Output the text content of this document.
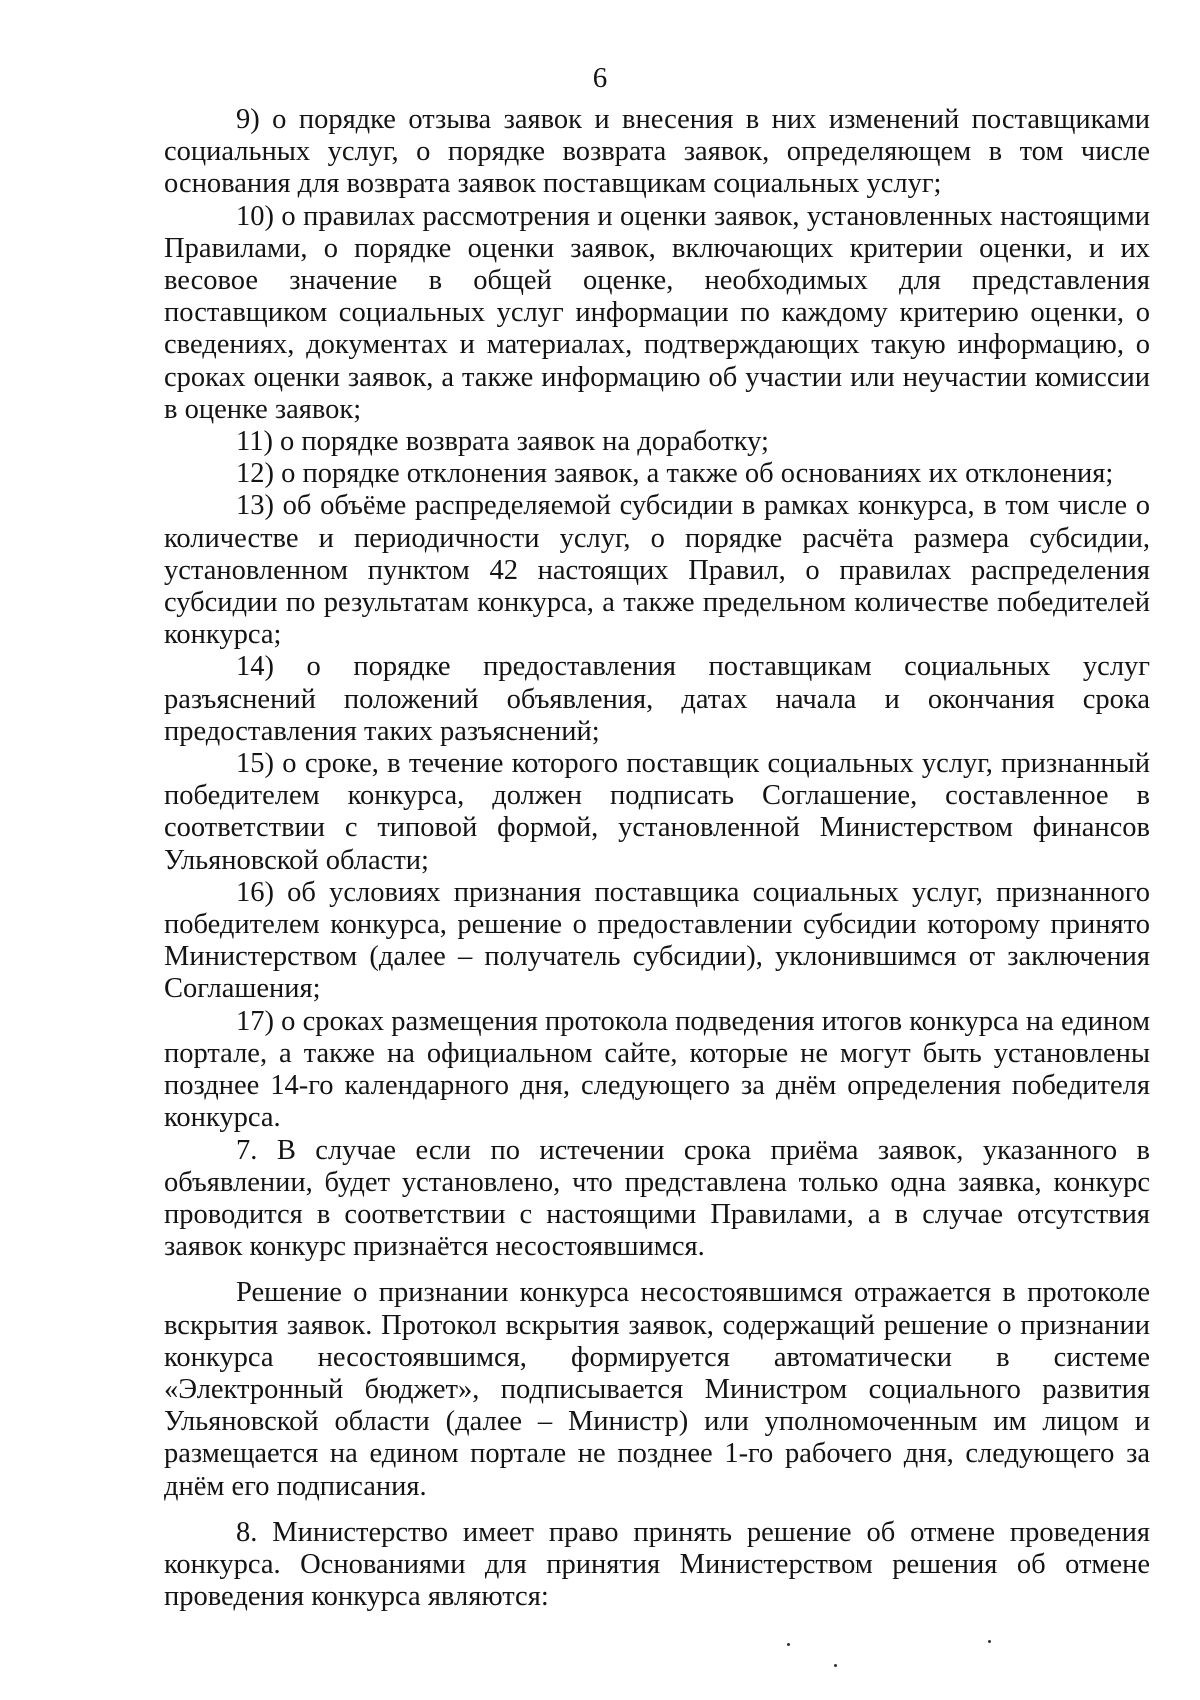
6

9) о порядке отзыва заявок и внесения в них изменений поставщиками социальных услуг, о порядке возврата заявок, определяющем в том числе основания для возврата заявок поставщикам социальных услуг;

10) о правилах рассмотрения и оценки заявок, установленных настоящими Правилами, о порядке оценки заявок, включающих критерии оценки, и их весовое значение в общей оценке, необходимых для представления поставщиком социальных услуг информации по каждому критерию оценки, о сведениях, документах и материалах, подтверждающих такую информацию, о сроках оценки заявок, а также информацию об участии или неучастии комиссии в оценке заявок;

11) о порядке возврата заявок на доработку;

12) о порядке отклонения заявок, а также об основаниях их отклонения;

13) об объёме распределяемой субсидии в рамках конкурса, в том числе о количестве и периодичности услуг, о порядке расчёта размера субсидии, установленном пунктом 42 настоящих Правил, о правилах распределения субсидии по результатам конкурса, а также предельном количестве победителей конкурса;

14) о порядке предоставления поставщикам социальных услуг разъяснений положений объявления, датах начала и окончания срока предоставления таких разъяснений;

15) о сроке, в течение которого поставщик социальных услуг, признанный победителем конкурса, должен подписать Соглашение, составленное в соответствии с типовой формой, установленной Министерством финансов Ульяновской области;

16) об условиях признания поставщика социальных услуг, признанного победителем конкурса, решение о предоставлении субсидии которому принято Министерством (далее – получатель субсидии), уклонившимся от заключения Соглашения;

17) о сроках размещения протокола подведения итогов конкурса на едином портале, а также на официальном сайте, которые не могут быть установлены позднее 14-го календарного дня, следующего за днём определения победителя конкурса.

7. В случае если по истечении срока приёма заявок, указанного в объявлении, будет установлено, что представлена только одна заявка, конкурс проводится в соответствии с настоящими Правилами, а в случае отсутствия заявок конкурс признаётся несостоявшимся.

Решение о признании конкурса несостоявшимся отражается в протоколе вскрытия заявок. Протокол вскрытия заявок, содержащий решение о признании конкурса несостоявшимся, формируется автоматически в системе «Электронный бюджет», подписывается Министром социального развития Ульяновской области (далее – Министр) или уполномоченным им лицом и размещается на едином портале не позднее 1-го рабочего дня, следующего за днём его подписания.

8. Министерство имеет право принять решение об отмене проведения конкурса. Основаниями для принятия Министерством решения об отмене проведения конкурса являются:
